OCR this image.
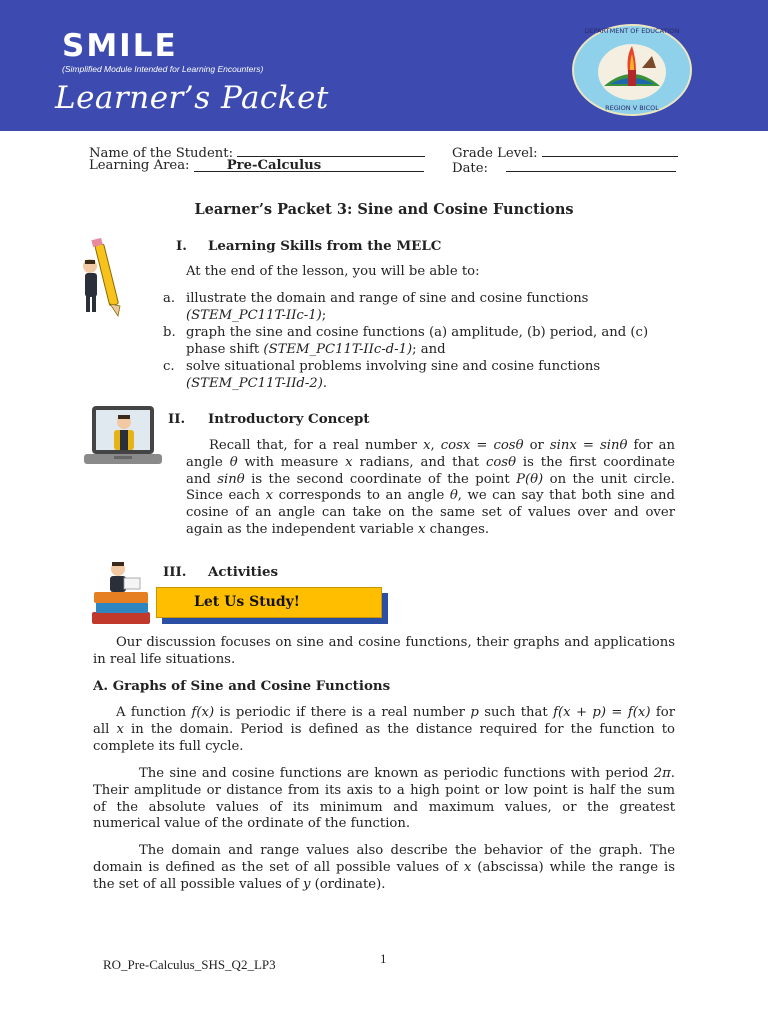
SMILE
(Simplified Module Intended for Learning Encounters)
Learner’s Packet	REGION V BICOL
DEPARTMENT OF EDUCATION
Name of the Student:	Grade Level:
Learning Area:	Pre-Calculus	Date:
Learner’s Packet 3: Sine and Cosine Functions
I. Learning Skills from the MELC
At the end of the lesson, you will be able to:
a. illustrate the domain and range of sine and cosine functions
(STEM_PC11T-IIc-1);
b. graph the sine and cosine functions (a) amplitude, (b) period, and (c)
phase shift (STEM_PC11T-IIc-d-1); and
c. solve situational problems involving sine and cosine functions
(STEM_PC11T-IId-2).
II. Introductory Concept
Recall that, for a real number x, cosx = cosθ or sinx = sinθ for an
angle θ with measure x radians, and that cosθ is the first coordinate
and sinθ is the second coordinate of the point P(θ) on the unit circle.
Since each x corresponds to an angle θ, we can say that both sine and
cosine of an angle can take on the same set of values over and over
again as the independent variable x changes.
III. Activities
Let Us Study!
Our discussion focuses on sine and cosine functions, their graphs and applications in real life situations.
A. Graphs of Sine and Cosine Functions
A function f(x) is periodic if there is a real number p such that f(x + p) = f(x) for
all x in the domain. Period is defined as the distance required for the function to
complete its full cycle.
The sine and cosine functions are known as periodic functions with period 2π.
Their amplitude or distance from its axis to a high point or low point is half the sum
of the absolute values of its minimum and maximum values, or the greatest
numerical value of the ordinate of the function.
The domain and range values also describe the behavior of the graph. The
domain is defined as the set of all possible values of x (abscissa) while the range is
the set of all possible values of y (ordinate).
RO_Pre-Calculus_SHS_Q2_LP3	1
